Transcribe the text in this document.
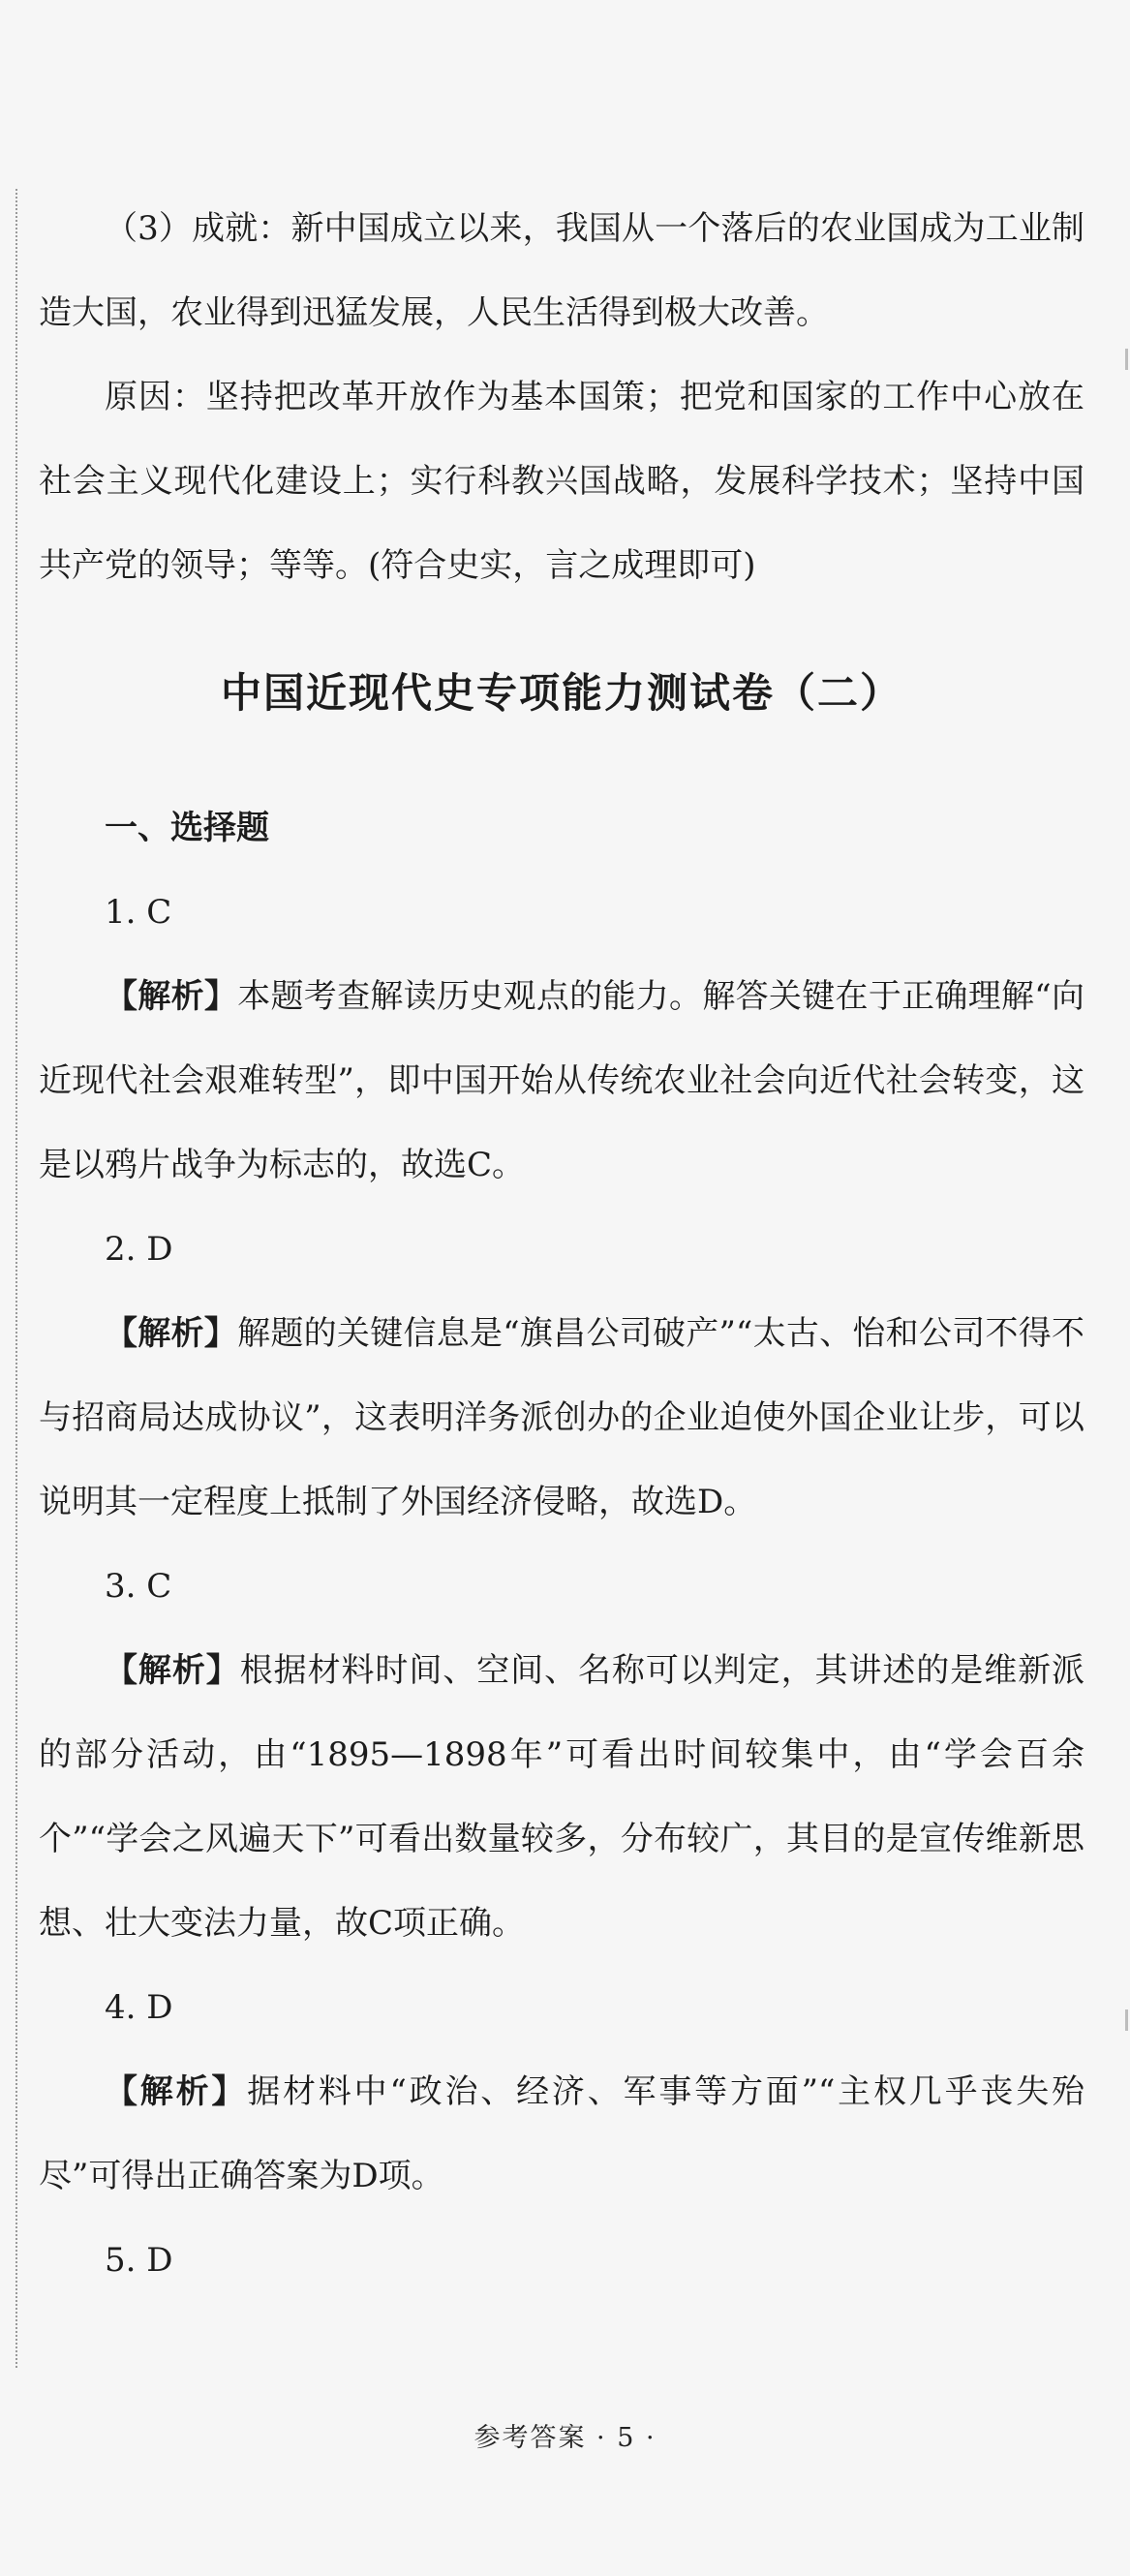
（3）成就：新中国成立以来，我国从一个落后的农业国成为工业制造大国，农业得到迅猛发展，人民生活得到极大改善。

原因：坚持把改革开放作为基本国策；把党和国家的工作中心放在社会主义现代化建设上；实行科教兴国战略，发展科学技术；坚持中国共产党的领导；等等。(符合史实，言之成理即可)

中国近现代史专项能力测试卷（二）
一、选择题

1. C

【解析】本题考查解读历史观点的能力。解答关键在于正确理解“向近现代社会艰难转型”，即中国开始从传统农业社会向近代社会转变，这是以鸦片战争为标志的，故选C。

2. D

【解析】解题的关键信息是“旗昌公司破产”“太古、怡和公司不得不与招商局达成协议”，这表明洋务派创办的企业迫使外国企业让步，可以说明其一定程度上抵制了外国经济侵略，故选D。

3. C

【解析】根据材料时间、空间、名称可以判定，其讲述的是维新派的部分活动，由“1895—1898年”可看出时间较集中，由“学会百余个”“学会之风遍天下”可看出数量较多，分布较广，其目的是宣传维新思想、壮大变法力量，故C项正确。

4. D

【解析】据材料中“政治、经济、军事等方面”“主权几乎丧失殆尽”可得出正确答案为D项。

5. D

参考答案 · 5 ·
